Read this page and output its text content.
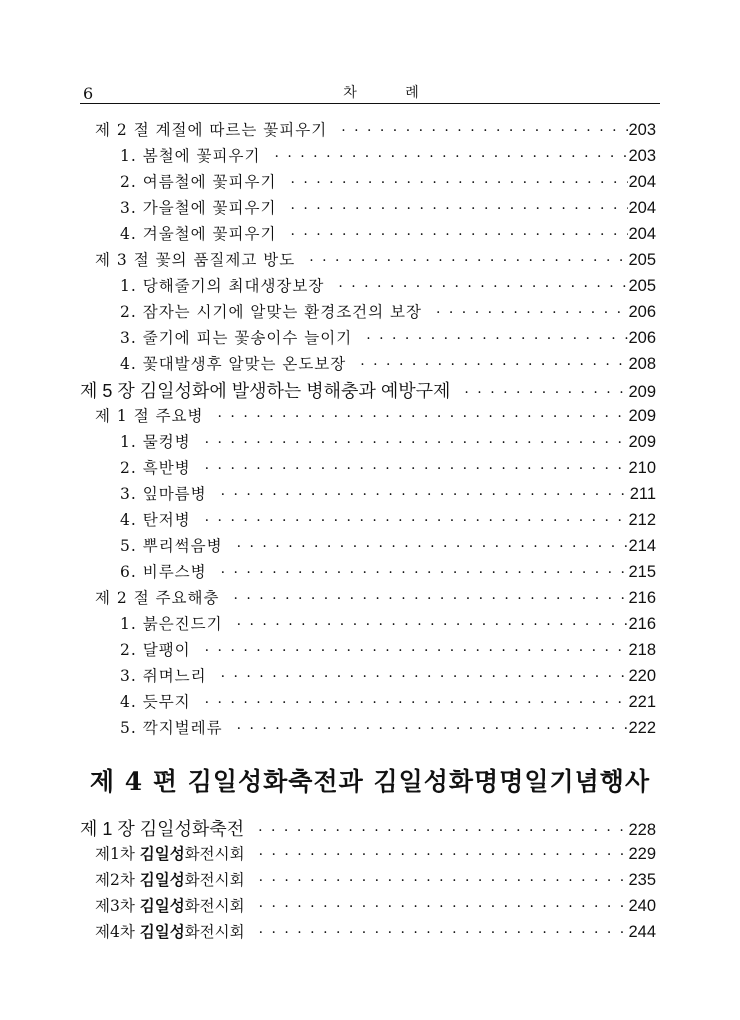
6	차 례
제 2 절 계절에 따르는 꽃피우기 · · ·	203
1. 봄철에 꽃피우기 · · ·	203
2. 여름철에 꽃피우기 · · ·	204
3. 가을철에 꽃피우기 · · ·	204
4. 겨울철에 꽃피우기 · · ·	204
제 3 절 꽃의 품질제고 방도 · · ·	205
1. 당해줄기의 최대생장보장 · · ·	205
2. 잠자는 시기에 알맞는 환경조건의 보장 · · ·	206
3. 줄기에 피는 꽃송이수 늘이기 · · ·	206
4. 꽃대발생후 알맞는 온도보장 · · ·	208
제 5 장 김일성화에 발생하는 병해충과 예방구제 · · ·	209
제 1 절 주요병 · · ·	209
1. 물컹병 · · ·	209
2. 흑반병 · · ·	210
3. 잎마름병 · · ·	211
4. 탄저병 · · ·	212
5. 뿌리썩음병 · · ·	214
6. 비루스병 · · ·	215
제 2 절 주요해충 · · ·	216
1. 붉은진드기 · · ·	216
2. 달팽이 · · ·	218
3. 쥐며느리 · · ·	220
4. 듯무지 · · ·	221
5. 깍지벌레류 · · ·	222
제 4 편 김일성화축전과 김일성화명명일기념행사
제 1 장 김일성화축전 · · ·	228
제1차 김일성화전시회 · · ·	229
제2차 김일성화전시회 · · ·	235
제3차 김일성화전시회 · · ·	240
제4차 김일성화전시회 · · ·	244
